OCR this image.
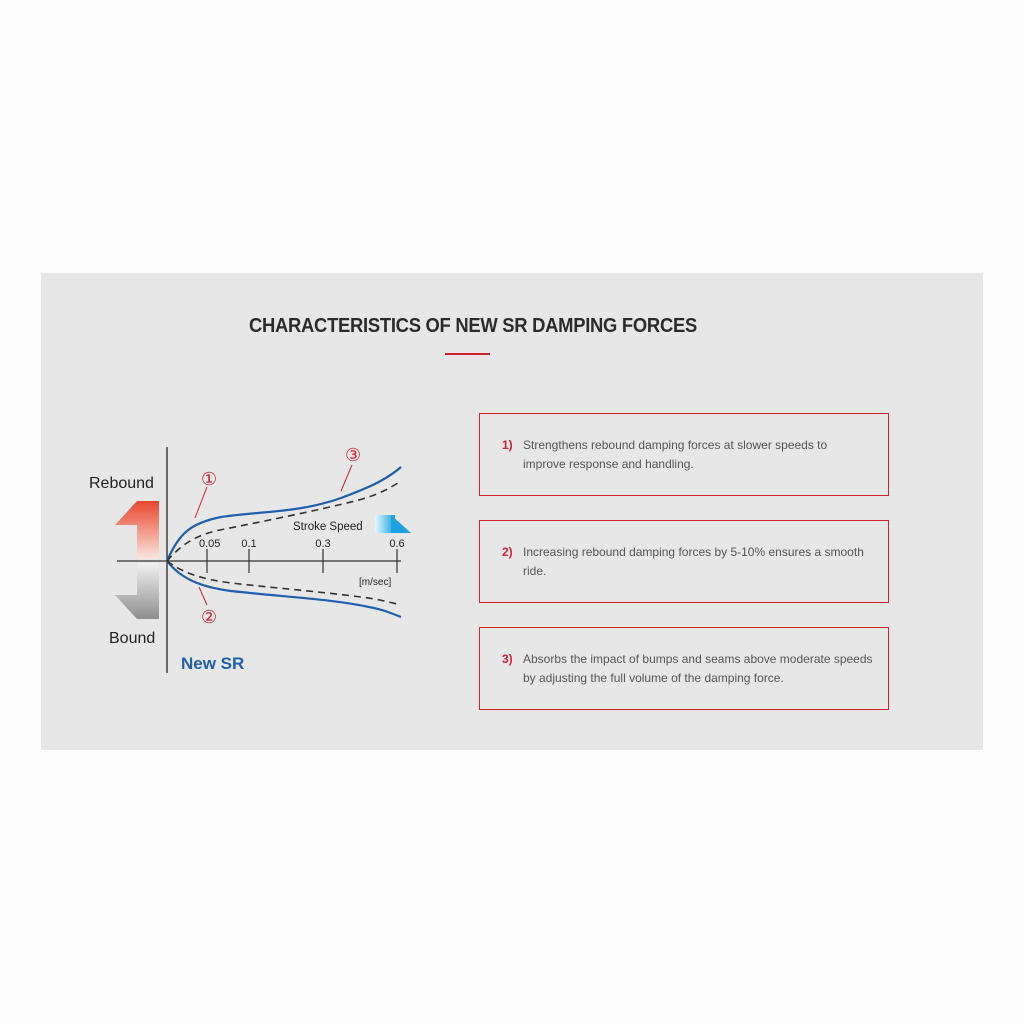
CHARACTERISTICS OF NEW SR DAMPING FORCES
0.05 0.1	0.3	0.6
①
②
③
Rebound
Bound
New SR
Stroke Speed
[m/sec]
1) Strengthens rebound damping forces at slower speeds to improve response and handling.
2) Increasing rebound damping forces by 5-10% ensures a smooth ride.
3) Absorbs the impact of bumps and seams above moderate speeds by adjusting the full volume of the damping force.
